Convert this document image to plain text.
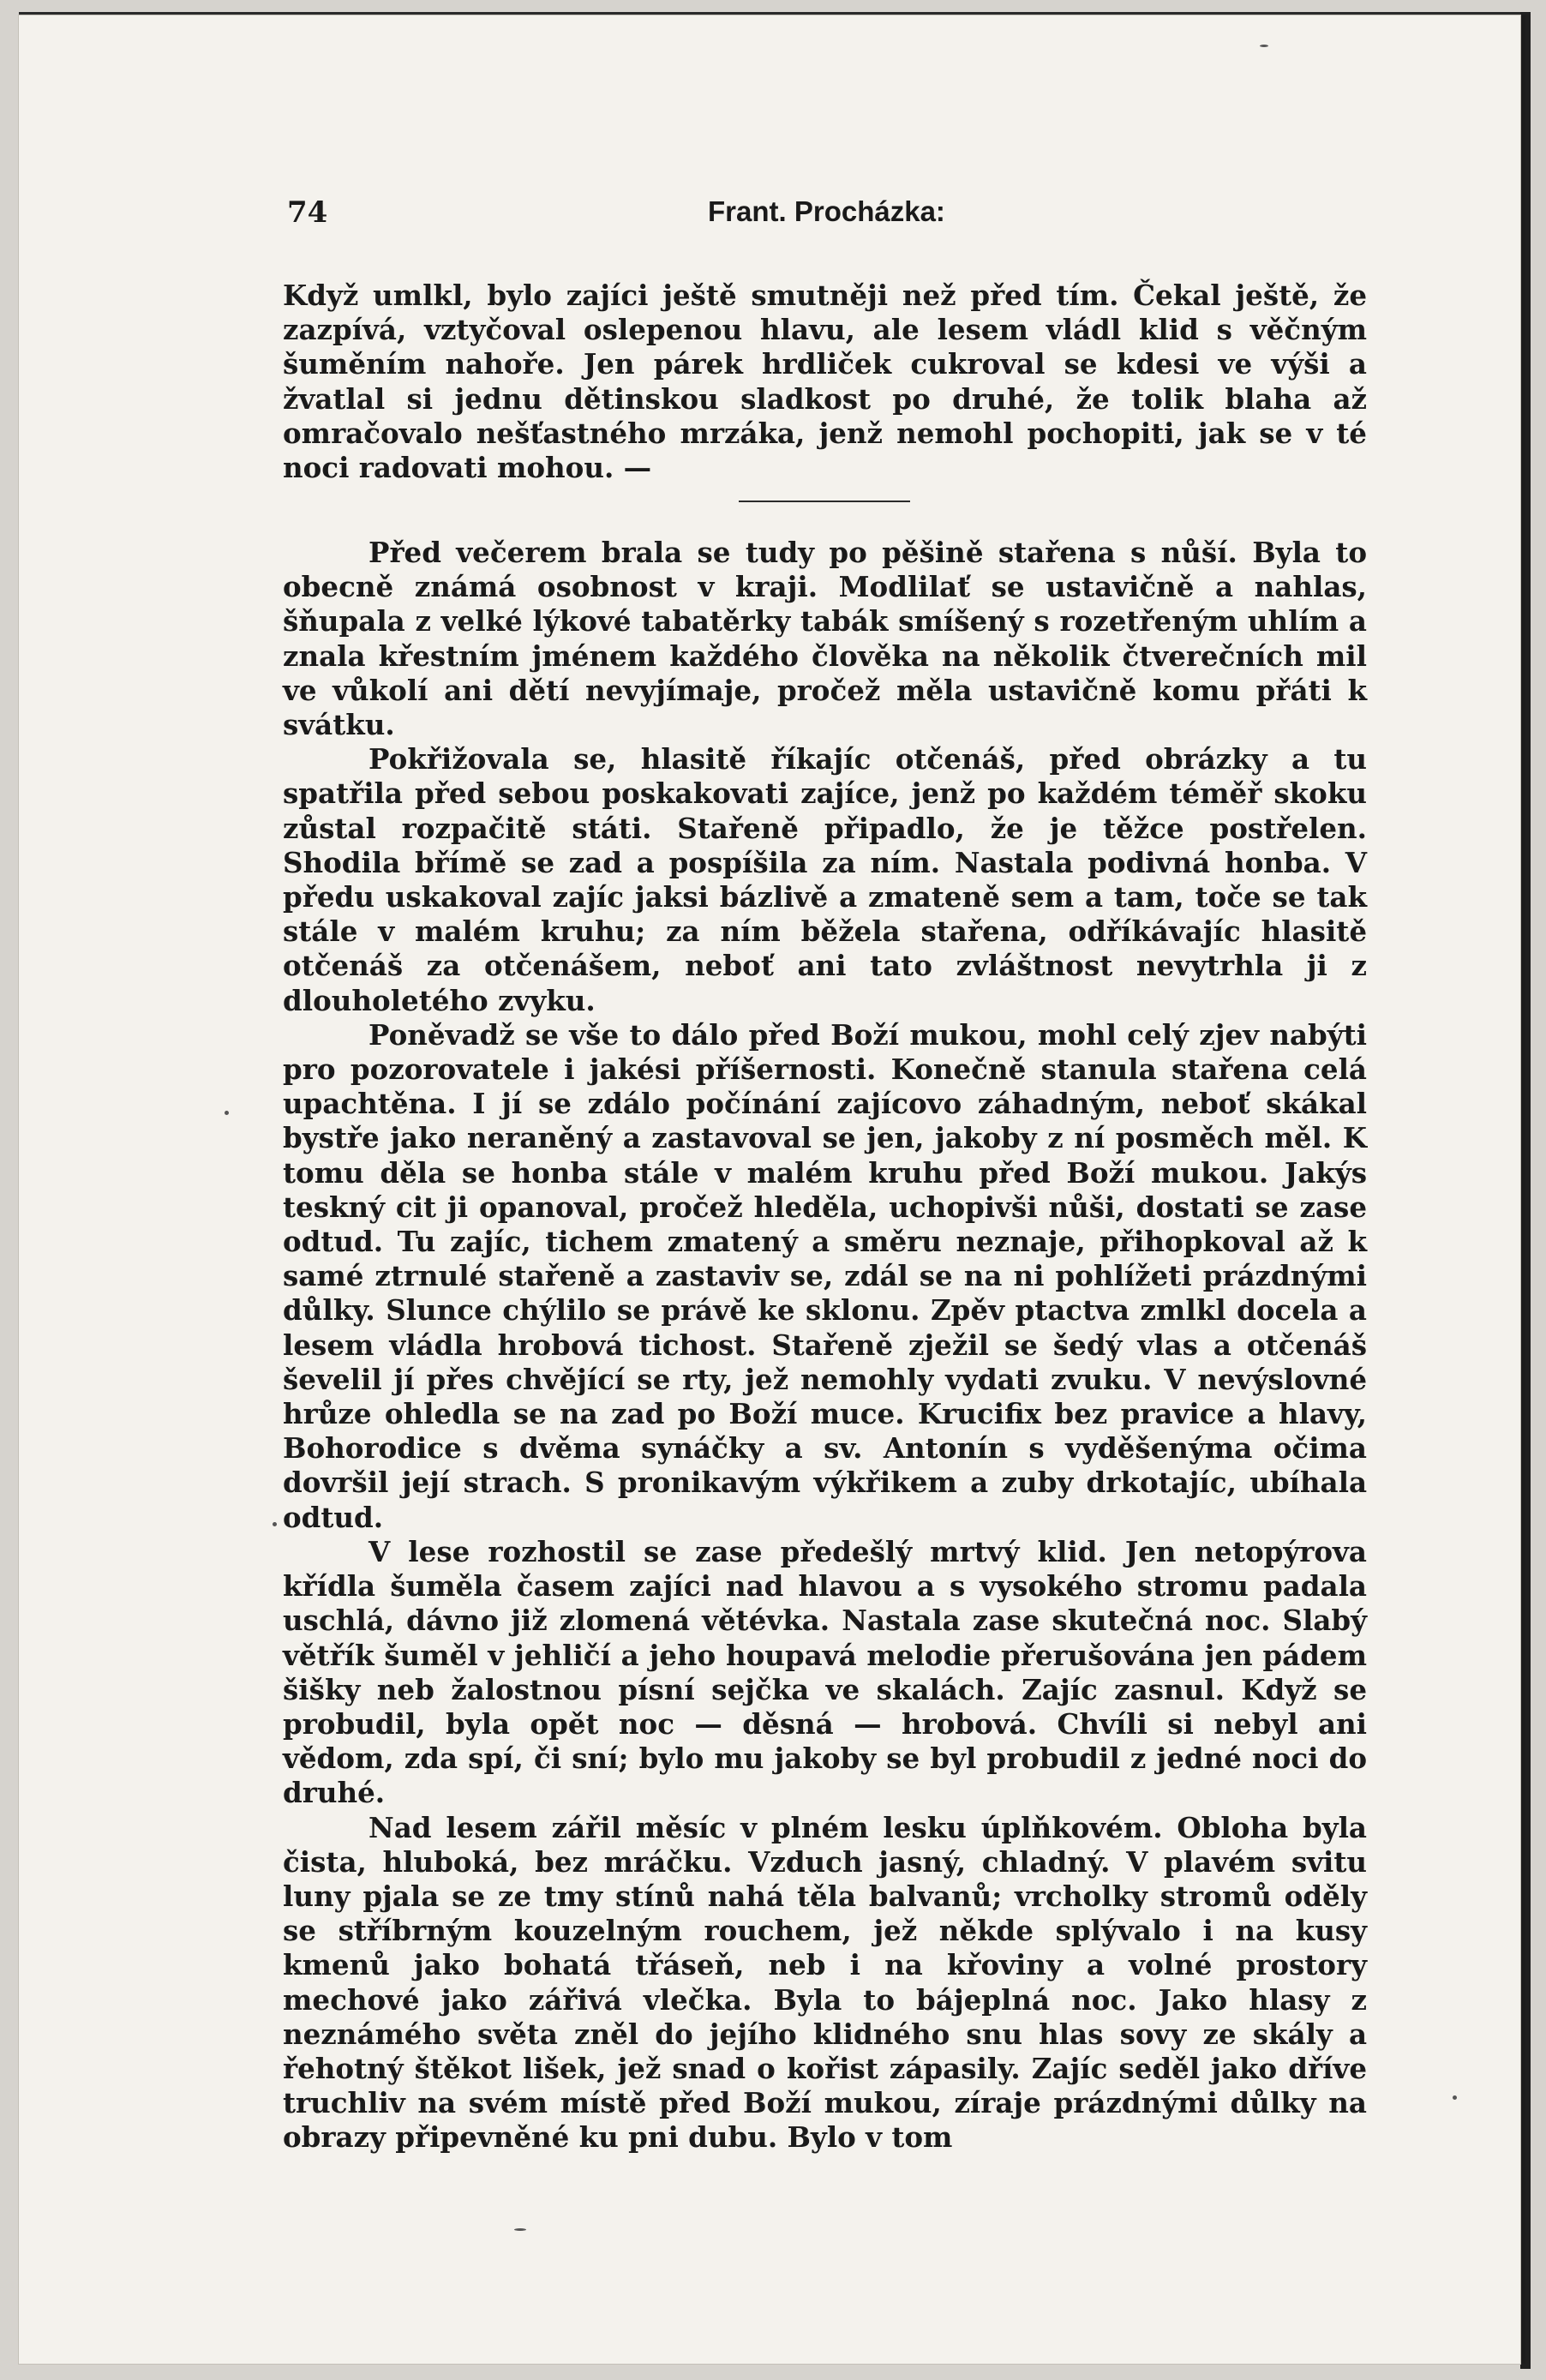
74	Frant. Procházka:

Když umlkl, bylo zajíci ještě smutněji než před tím. Čekal ještě, že zazpívá, vztyčoval oslepenou hlavu, ale lesem vládl klid s věčným šuměním nahoře. Jen párek hrdliček cukroval se kdesi ve výši a žvatlal si jednu dětinskou sladkost po druhé, že tolik blaha až omračovalo nešťastného mrzáka, jenž nemohl pochopiti, jak se v té noci radovati mohou. —

Před večerem brala se tudy po pěšině stařena s nůší. Byla to obecně známá osobnost v kraji. Modlilať se ustavičně a nahlas, šňupala z velké lýkové tabatěrky tabák smíšený s rozetřeným uhlím a znala křestním jménem každého člověka na několik čtverečních mil ve vůkolí ani dětí nevyjímaje, pročež měla ustavičně komu přáti k svátku.

Pokřižovala se, hlasitě říkajíc otčenáš, před obrázky a tu spatřila před sebou poskakovati zajíce, jenž po každém téměř skoku zůstal rozpačitě státi. Stařeně připadlo, že je těžce postřelen. Shodila břímě se zad a pospíšila za ním. Nastala podivná honba. V předu uskakoval zajíc jaksi bázlivě a zmateně sem a tam, toče se tak stále v malém kruhu; za ním běžela stařena, odříkávajíc hlasitě otčenáš za otčenášem, neboť ani tato zvláštnost nevytrhla ji z dlouholetého zvyku.

Poněvadž se vše to dálo před Boží mukou, mohl celý zjev nabýti pro pozorovatele i jakési příšernosti. Konečně stanula stařena celá upachtěna. I jí se zdálo počínání zajícovo záhadným, neboť skákal bystře jako neraněný a zastavoval se jen, jakoby z ní posměch měl. K tomu děla se honba stále v malém kruhu před Boží mukou. Jakýs teskný cit ji opanoval, pročež hleděla, uchopivši nůši, dostati se zase odtud. Tu zajíc, tichem zmatený a směru neznaje, přihopkoval až k samé ztrnulé stařeně a zastaviv se, zdál se na ni pohlížeti prázdnými důlky. Slunce chýlilo se právě ke sklonu. Zpěv ptactva zmlkl docela a lesem vládla hrobová tichost. Stařeně zježil se šedý vlas a otčenáš ševelil jí přes chvějící se rty, jež nemohly vydati zvuku. V nevýslovné hrůze ohledla se na zad po Boží muce. Krucifix bez pravice a hlavy, Bohorodice s dvěma synáčky a sv. Antonín s vyděšenýma očima dovršil její strach. S pronikavým výkřikem a zuby drkotajíc, ubíhala odtud.

V lese rozhostil se zase předešlý mrtvý klid. Jen netopýrova křídla šuměla časem zajíci nad hlavou a s vysokého stromu padala uschlá, dávno již zlomená větévka. Nastala zase skutečná noc. Slabý větřík šuměl v jehličí a jeho houpavá melodie přerušována jen pádem šišky neb žalostnou písní sejčka ve skalách. Zajíc zasnul. Když se probudil, byla opět noc — děsná — hrobová. Chvíli si nebyl ani vědom, zda spí, či sní; bylo mu jakoby se byl probudil z jedné noci do druhé.

Nad lesem zářil měsíc v plném lesku úplňkovém. Obloha byla čista, hluboká, bez mráčku. Vzduch jasný, chladný. V plavém svitu luny pjala se ze tmy stínů nahá těla balvanů; vrcholky stromů oděly se stříbrným kouzelným rouchem, jež někde splývalo i na kusy kmenů jako bohatá třáseň, neb i na křoviny a volné prostory mechové jako zářivá vlečka. Byla to bájeplná noc. Jako hlasy z neznámého světa zněl do jejího klidného snu hlas sovy ze skály a řehotný štěkot lišek, jež snad o kořist zápasily. Zajíc seděl jako dříve truchliv na svém místě před Boží mukou, zíraje prázdnými důlky na obrazy připevněné ku pni dubu. Bylo v tom
